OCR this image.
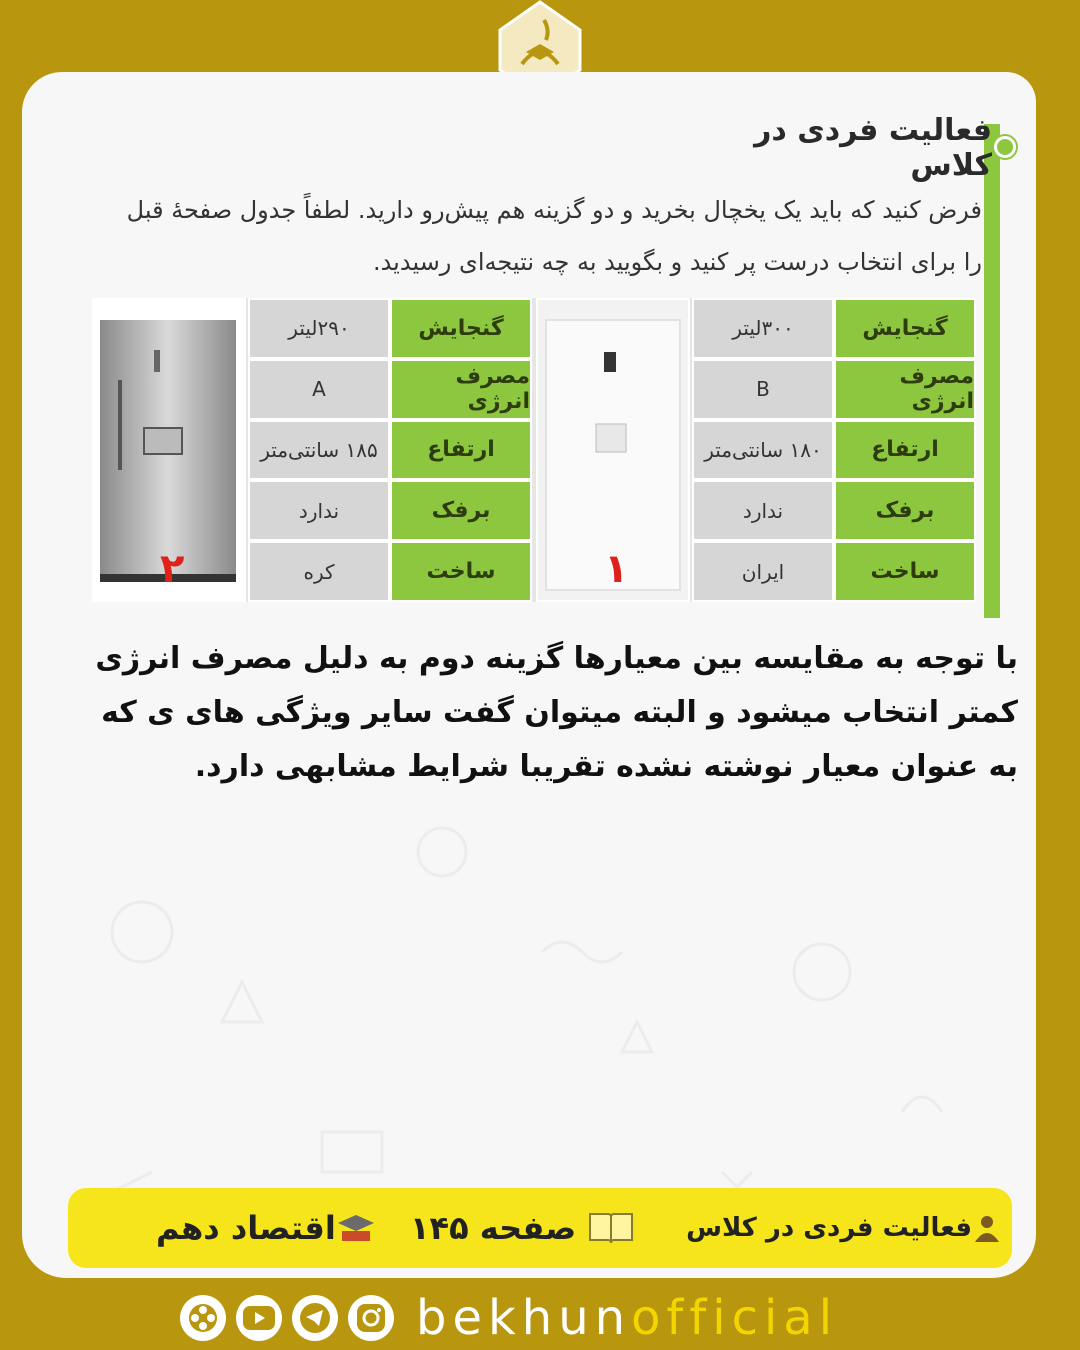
فعالیت فردی در کلاس
فرض کنید که باید یک یخچال بخرید و دو گزینه هم پیش‌رو دارید. لطفاً جدول صفحهٔ قبل
را برای انتخاب درست پر کنید و بگویید به چه نتیجه‌ای رسیدید.
۳۰۰لیتر	گنجایش
B	مصرف انرژی
۱۸۰ سانتی‌متر	ارتفاع
ندارد	برفک
ایران	ساخت
۱
۲۹۰لیتر	گنجایش
A	مصرف انرژی
۱۸۵ سانتی‌متر	ارتفاع
ندارد	برفک
کره	ساخت
۲
با توجه به مقایسه بین معیارها گزینه دوم به دلیل مصرف انرژی
کمتر انتخاب میشود و البته میتوان گفت سایر ویژگی های ی که
به عنوان معیار نوشته نشده تقریبا شرایط مشابهی دارد.
فعالیت فردی در کلاس
صفحه ۱۴۵
اقتصاد دهم
bekhunofficial
